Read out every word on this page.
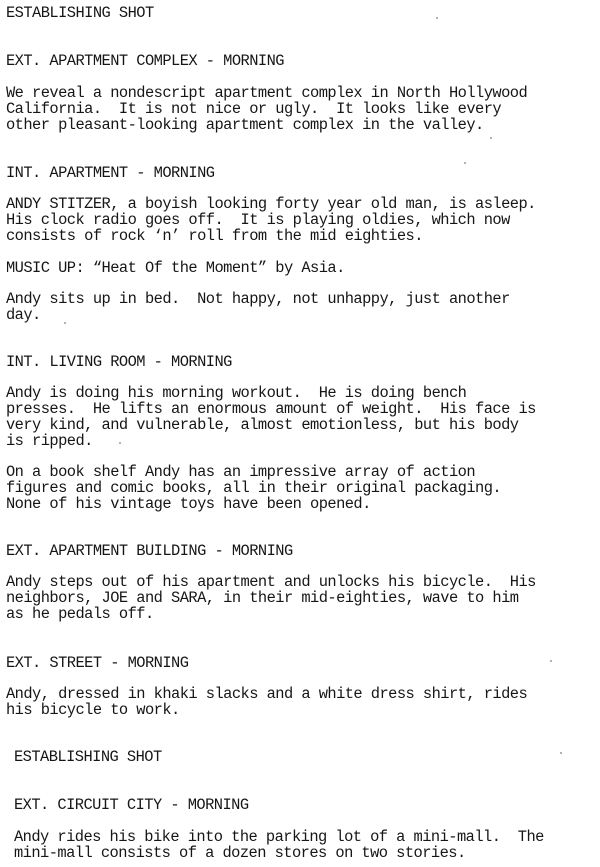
ESTABLISHING SHOT

EXT. APARTMENT COMPLEX - MORNING

We reveal a nondescript apartment complex in North Hollywood

California.  It is not nice or ugly.  It looks like every

other pleasant-looking apartment complex in the valley.

INT. APARTMENT - MORNING

ANDY STITZER, a boyish looking forty year old man, is asleep.

His clock radio goes off.  It is playing oldies, which now

consists of rock ‘n’ roll from the mid eighties.

MUSIC UP: “Heat Of the Moment” by Asia.

Andy sits up in bed.  Not happy, not unhappy, just another

day.

INT. LIVING ROOM - MORNING

Andy is doing his morning workout.  He is doing bench

presses.  He lifts an enormous amount of weight.  His face is

very kind, and vulnerable, almost emotionless, but his body

is ripped.

On a book shelf Andy has an impressive array of action

figures and comic books, all in their original packaging.

None of his vintage toys have been opened.

EXT. APARTMENT BUILDING - MORNING

Andy steps out of his apartment and unlocks his bicycle.  His

neighbors, JOE and SARA, in their mid-eighties, wave to him

as he pedals off.

EXT. STREET - MORNING

Andy, dressed in khaki slacks and a white dress shirt, rides

his bicycle to work.

ESTABLISHING SHOT

EXT. CIRCUIT CITY - MORNING

Andy rides his bike into the parking lot of a mini-mall.  The

mini-mall consists of a dozen stores on two stories.
